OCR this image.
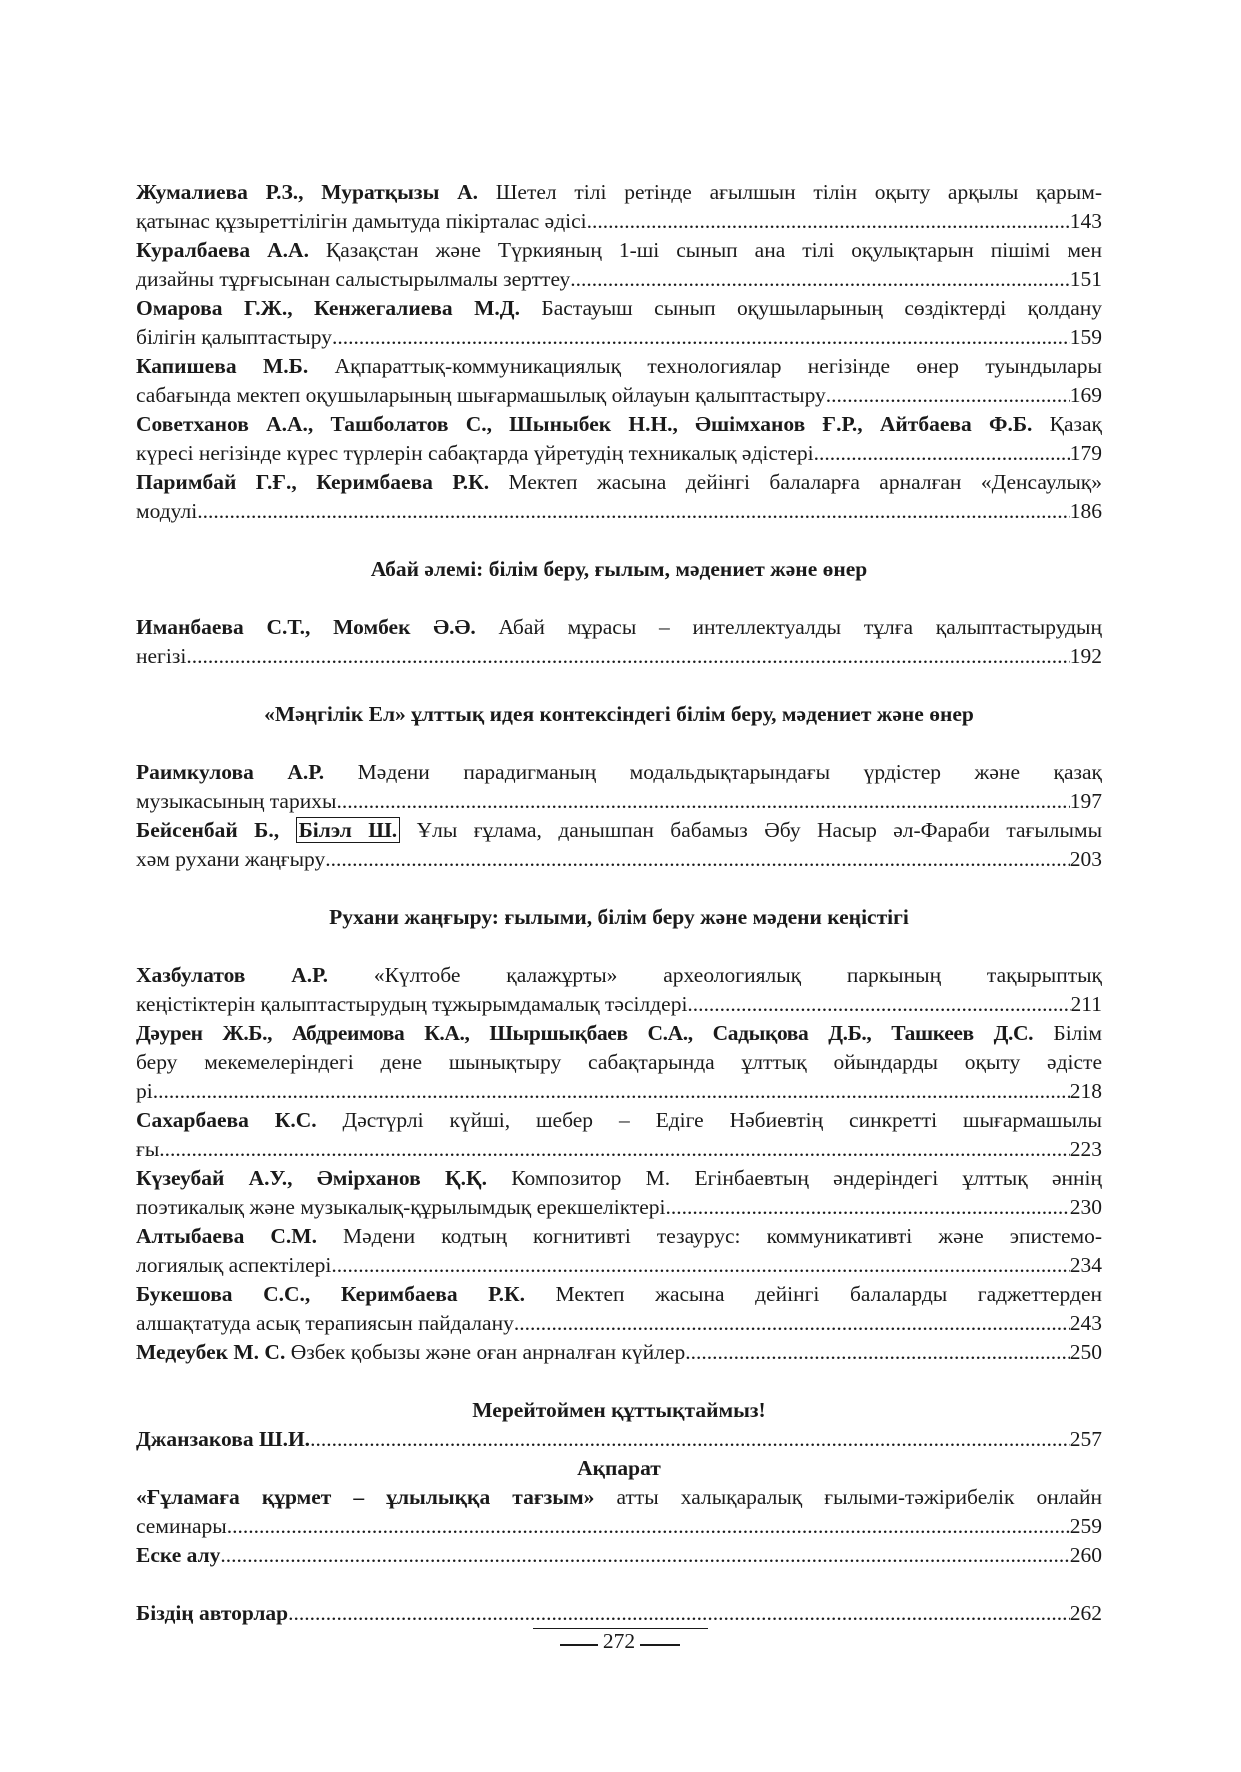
Жумалиева Р.З., Муратқызы А. Шетел тілі ретінде ағылшын тілін оқыту арқылы қарым-
қатынас құзыреттілігін дамытуда пікірталас әдісі .....	143
Куралбаева А.А. Қазақстан және Түркияның 1-ші сынып ана тілі оқулықтарын пішімі мен
дизайны тұрғысынан салыстырылмалы зерттеу .....	151
Омарова Г.Ж., Кенжегалиева М.Д. Бастауыш сынып оқушыларының сөздіктерді қолдану
білігін қалыптастыру .....	159
Капишева М.Б. Ақпараттық-коммуникациялық технологиялар негізінде өнер туындылары
сабағында мектеп оқушыларының шығармашылық ойлауын қалыптастыру .....	169
Советханов А.А., Ташболатов С., Шыныбек Н.Н., Әшімханов Ғ.Р., Айтбаева Ф.Б. Қазақ
күресі негізінде күрес түрлерін сабақтарда үйретудің техникалық әдістері .....	179
Паримбай Г.Ғ., Керимбаева Р.К. Мектеп жасына дейінгі балаларға арналған «Денсаулық»
модулі .....	186
Абай әлемі: білім беру, ғылым, мәдениет және өнер
Иманбаева С.Т., Момбек Ә.Ә. Абай мұрасы – интеллектуалды тұлға қалыптастырудың
негізі .....	192
«Мәңгілік Ел» ұлттық идея контексіндегі білім беру, мәдениет және өнер
Раимкулова А.Р. Мәдени парадигманың модальдықтарындағы үрдістер және қазақ
музыкасының тарихы .....	197
Бейсенбай Б., Білэл Ш. Ұлы ғұлама, данышпан бабамыз Әбу Насыр әл-Фараби тағылымы
хәм рухани жаңғыру .....	203
Рухани жаңғыру: ғылыми, білім беру және мәдени кеңістігі
Хазбулатов А.Р. «Күлтобе қалажұрты» археологиялық паркының тақырыптық
кеңістіктерін қалыптастырудың тұжырымдамалық тәсілдері .....	211
Дәурен Ж.Б., Абдреимова К.А., Шыршықбаев С.А., Садықова Д.Б., Ташкеев Д.С. Білім
беру мекемелеріндегі дене шынықтыру сабақтарында ұлттық ойындарды оқыту әдісте
рі .....	218
Сахарбаева К.С. Дәстүрлі күйші, шебер – Едіге Нәбиевтің синкретті шығармашылы
ғы .....	223
Күзеубай А.У., Әмірханов Қ.Қ. Композитор М. Егінбаевтың әндеріндегі ұлттық әннің
поэтикалық және музыкалық-құрылымдық ерекшеліктері .....	230
Алтыбаева С.М. Мәдени кодтың когнитивті тезаурус: коммуникативті және эпистемо-
логиялық аспектілері .....	234
Букешова С.С., Керимбаева Р.К. Мектеп жасына дейінгі балаларды гаджеттерден
алшақтатуда асық терапиясын пайдалану .....	243
Медеубек М. С. Өзбек қобызы және оған анрналған күйлер .....	250
Мерейтоймен құттықтаймыз!
Джанзакова Ш.И. .....	257
Ақпарат
«Ғұламаға құрмет – ұлылыққа тағзым» атты халықаралық ғылыми-тәжірибелік онлайн
семинары .....	259
Еске алу .....	260
Біздің авторлар .....	262
272
